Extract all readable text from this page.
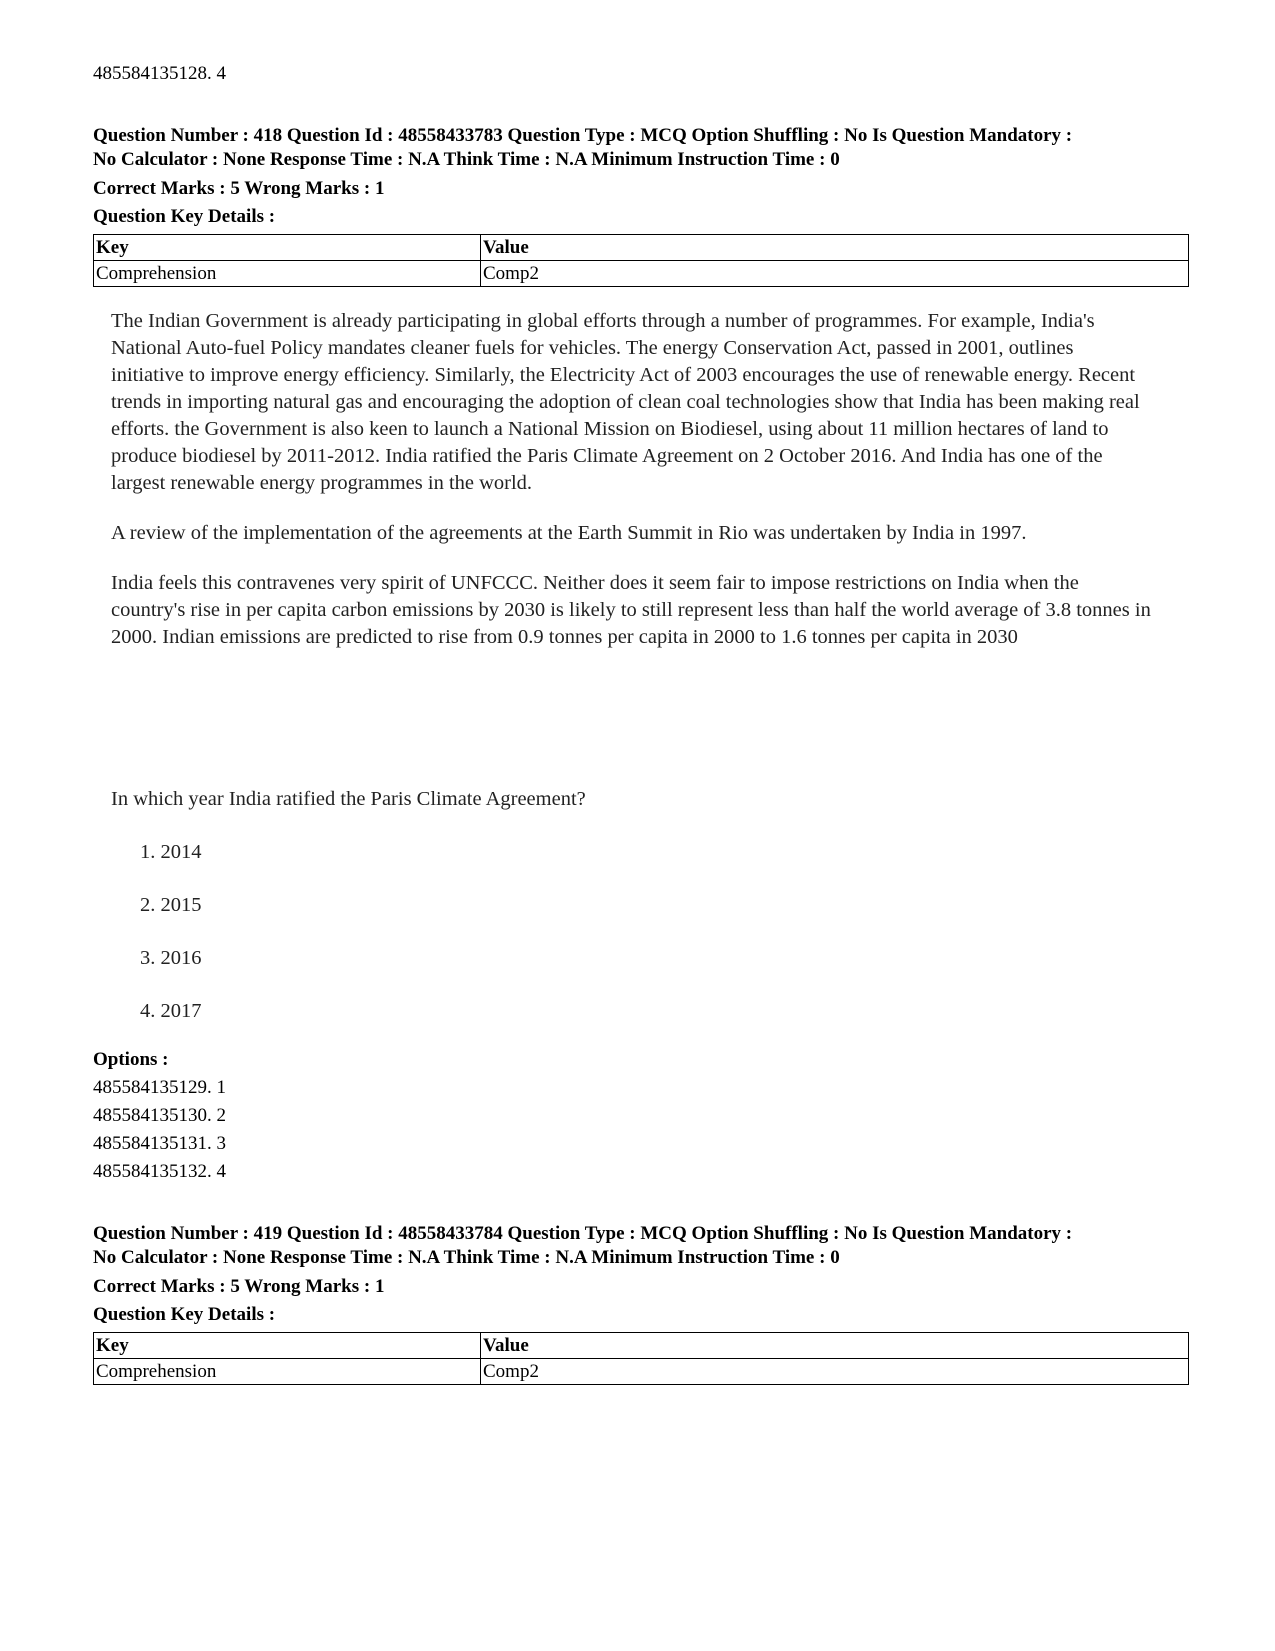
485584135128. 4
Question Number : 418 Question Id : 48558433783 Question Type : MCQ Option Shuffling : No Is Question Mandatory :
No Calculator : None Response Time : N.A Think Time : N.A Minimum Instruction Time : 0
Correct Marks : 5 Wrong Marks : 1
Question Key Details :
Key	Value
Comprehension	Comp2

The Indian Government is already participating in global efforts through a number of programmes. For example, India's National Auto-fuel Policy mandates cleaner fuels for vehicles. The energy Conservation Act, passed in 2001, outlines initiative to improve energy efficiency. Similarly, the Electricity Act of 2003 encourages the use of renewable energy. Recent trends in importing natural gas and encouraging the adoption of clean coal technologies show that India has been making real efforts. the Government is also keen to launch a National Mission on Biodiesel, using about 11 million hectares of land to produce biodiesel by 2011-2012. India ratified the Paris Climate Agreement on 2 October 2016. And India has one of the largest renewable energy programmes in the world.

A review of the implementation of the agreements at the Earth Summit in Rio was undertaken by India in 1997.

India feels this contravenes very spirit of UNFCCC. Neither does it seem fair to impose restrictions on India when the country's rise in per capita carbon emissions by 2030 is likely to still represent less than half the world average of 3.8 tonnes in 2000. Indian emissions are predicted to rise from 0.9 tonnes per capita in 2000 to 1.6 tonnes per capita in 2030

In which year India ratified the Paris Climate Agreement?
1. 2014
2. 2015
3. 2016
4. 2017
Options :
485584135129. 1
485584135130. 2
485584135131. 3
485584135132. 4
Question Number : 419 Question Id : 48558433784 Question Type : MCQ Option Shuffling : No Is Question Mandatory :
No Calculator : None Response Time : N.A Think Time : N.A Minimum Instruction Time : 0
Correct Marks : 5 Wrong Marks : 1
Question Key Details :
Key	Value
Comprehension	Comp2
